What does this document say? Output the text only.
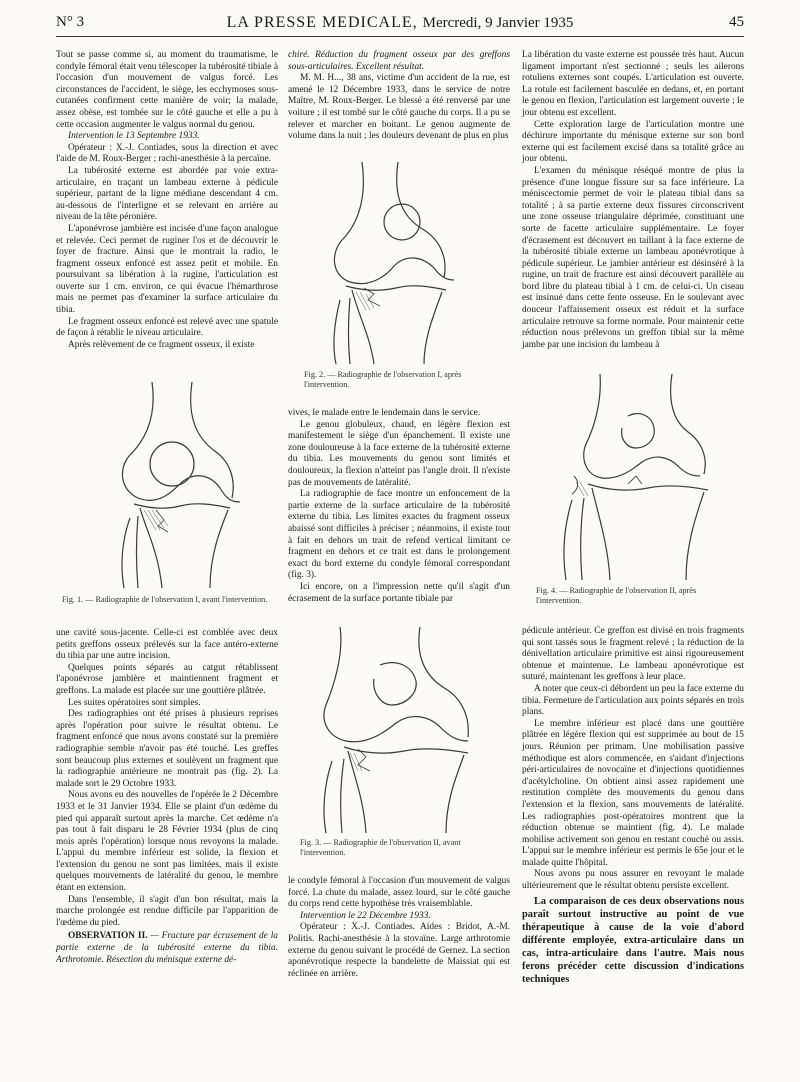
N° 3	LA PRESSE MEDICALE, Mercredi, 9 Janvier 1935	45

Tout se passe comme si, au moment du traumatisme, le condyle fémoral était venu télescoper la tubérosité tibiale à l'occasion d'un mouvement de valgus forcé. Les circonstances de l'accident, le siège, les ecchymoses sous-cutanées confirment cette manière de voir; la malade, assez obèse, est tombée sur le côté gauche et elle a pu à cette occasion augmenter le valgus normal du genou.

Intervention le 13 Septembre 1933.

Opérateur : X.-J. Contiades, sous la direction et avec l'aide de M. Roux-Berger ; rachi-anesthésie à la percaïne.

La tubérosité externe est abordée par voie extra-articulaire, en traçant un lambeau externe à pédicule supérieur, partant de la ligne médiane descendant 4 cm. au-dessous de l'interligne et se relevant en arrière au niveau de la tête péronière.

L'aponévrose jambière est incisée d'une façon analogue et relevée. Ceci permet de ruginer l'os et de découvrir le foyer de fracture. Ainsi que le montrait la radio, le fragment osseux enfoncé est assez petit et mobile. En poursuivant sa libération à la rugine, l'articulation est ouverte sur 1 cm. environ, ce qui évacue l'hémarthrose mais ne permet pas d'examiner la surface articulaire du tibia.

Le fragment osseux enfoncé est relevé avec une spatule de façon à rétablir le niveau articulaire.

Après relèvement de ce fragment osseux, il existe

Fig. 1. — Radiographie de l'observation I, avant l'intervention.

une cavité sous-jacente. Celle-ci est comblée avec deux petits greffons osseux prélevés sur la face antéro-externe du tibia par une autre incision.

Quelques points séparés au catgut rétablissent l'aponévrose jambière et maintiennent fragment et greffons. La malade est placée sur une gouttière plâtrée.

Les suites opératoires sont simples.

Des radiographies ont été prises à plusieurs reprises après l'opération pour suivre le résultat obtenu. Le fragment enfoncé que nous avons constaté sur la première radiographie semble n'avoir pas été touché. Les greffes sont beaucoup plus externes et soulèvent un fragment que la radiographie antérieure ne montrait pas (fig. 2). La malade sort le 29 Octobre 1933.

Nous avons eu des nouvelles de l'opérée le 2 Décembre 1933 et le 31 Janvier 1934. Elle se plaint d'un œdème du pied qui apparaît surtout après la marche. Cet œdème n'a pas tout à fait disparu le 28 Février 1934 (plus de cinq mois après l'opération) lorsque nous revoyons la malade. L'appui du membre inférieur est solide, la flexion et l'extension du genou ne sont pas limitées, mais il existe quelques mouvements de latéralité du genou, le membre étant en extension.

Dans l'ensemble, il s'agit d'un bon résultat, mais la marche prolongée est rendue difficile par l'apparition de l'œdème du pied.

OBSERVATION II. — Fracture par écrasement de la partie externe de la tubérosité externe du tibia. Arthrotomie. Résection du ménisque externe dé-

chiré. Réduction du fragment osseux par des greffons sous-articulaires. Excellent résultat.

M. M. H..., 38 ans, victime d'un accident de la rue, est amené le 12 Décembre 1933, dans le service de notre Maître, M. Roux-Berger. Le blessé a été renversé par une voiture ; il est tombé sur le côté gauche du corps. Il a pu se relever et marcher en boitant. Le genou augmente de volume dans la nuit ; les douleurs devenant de plus en plus

Fig. 2. — Radiographie de l'observation I, après l'intervention.

vives, le malade entre le lendemain dans le service.

Le genou globuleux, chaud, en légère flexion est manifestement le siège d'un épanchement. Il existe une zone douloureuse à la face externe de la tubérosité externe du tibia. Les mouvements du genou sont limités et douloureux, la flexion n'atteint pas l'angle droit. Il n'existe pas de mouvements de latéralité.

La radiographie de face montre un enfoncement de la partie externe de la surface articulaire de la tubérosité externe du tibia. Les limites exactes du fragment osseux abaissé sont difficiles à préciser ; néanmoins, il existe tout à fait en dehors un trait de refend vertical limitant ce fragment en dehors et ce trait est dans le prolongement exact du bord externe du condyle fémoral correspondant (fig. 3).

Ici encore, on a l'impression nette qu'il s'agit d'un écrasement de la surface portante tibiale par

Fig. 3. — Radiographie de l'observation II, avant l'intervention.

le condyle fémoral à l'occasion d'un mouvement de valgus forcé. La chute du malade, assez lourd, sur le côté gauche du corps rend cette hypothèse très vraisemblable.

Intervention le 22 Décembre 1933.

Opérateur : X.-J. Contiades. Aides : Bridot, A.-M. Politis. Rachi-anesthésie à la stovaïne. Large arthrotomie externe du genou suivant le procédé de Gernez. La section aponévrotique respecte la bandelette de Maissiat qui est réclinée en arrière.

La libération du vaste externe est poussée très haut. Aucun ligament important n'est sectionné ; seuls les ailerons rotuliens externes sont coupés. L'articulation est ouverte. La rotule est facilement basculée en dedans, et, en portant le genou en flexion, l'articulation est largement ouverte ; le jour obtenu est excellent.

Cette exploration large de l'articulation montre une déchirure importante du ménisque externe sur son bord externe qui est facilement excisé dans sa totalité grâce au jour obtenu.

L'examen du ménisque réséqué montre de plus la présence d'une longue fissure sur sa face inférieure. La méniscectomie permet de voir le plateau tibial dans sa totalité ; à sa partie externe deux fissures circonscrivent une zone osseuse triangulaire déprimée, constituant une sorte de facette articulaire supplémentaire. Le foyer d'écrasement est découvert en taillant à la face externe de la tubérosité tibiale externe un lambeau aponévrotique à pédicule supérieur. Le jambier antérieur est désinséré à la rugine, un trait de fracture est ainsi découvert parallèle au bord libre du plateau tibial à 1 cm. de celui-ci. Un ciseau est insinué dans cette fente osseuse. En le soulevant avec douceur l'affaissement osseux est réduit et la surface articulaire retrouve sa forme normale. Pour maintenir cette réduction nous prélevons un greffon tibial sur la même jambe par une incision du lambeau à

Fig. 4. — Radiographie de l'observation II, après l'intervention.

pédicule antérieur. Ce greffon est divisé en trois fragments qui sont tassés sous le fragment relevé ; la réduction de la dénivellation articulaire primitive est ainsi rigoureusement obtenue et maintenue. Le lambeau aponévrotique est suturé, maintenant les greffons à leur place.

A noter que ceux-ci débordent un peu la face externe du tibia. Fermeture de l'articulation aux points séparés en trois plans.

Le membre inférieur est placé dans une gouttière plâtrée en légère flexion qui est supprimée au bout de 15 jours. Réunion per primam. Une mobilisation passive méthodique est alors commencée, en s'aidant d'injections péri-articulaires de novocaïne et d'injections quotidiennes d'acétylcholine. On obtient ainsi assez rapidement une restitution complète des mouvements du genou dans l'extension et la flexion, sans mouvements de latéralité. Les radiographies post-opératoires montrent que la réduction obtenue se maintient (fig. 4). Le malade mobilise activement son genou en restant couché ou assis. L'appui sur le membre inférieur est permis le 65e jour et le malade quitte l'hôpital.

Nous avons pu nous assurer en revoyant le malade ultérieurement que le résultat obtenu persiste excellent.

La comparaison de ces deux observations nous paraît surtout instructive au point de vue thérapeutique à cause de la voie d'abord différente employée, extra-articulaire dans un cas, intra-articulaire dans l'autre. Mais nous ferons précéder cette discussion d'indications techniques
